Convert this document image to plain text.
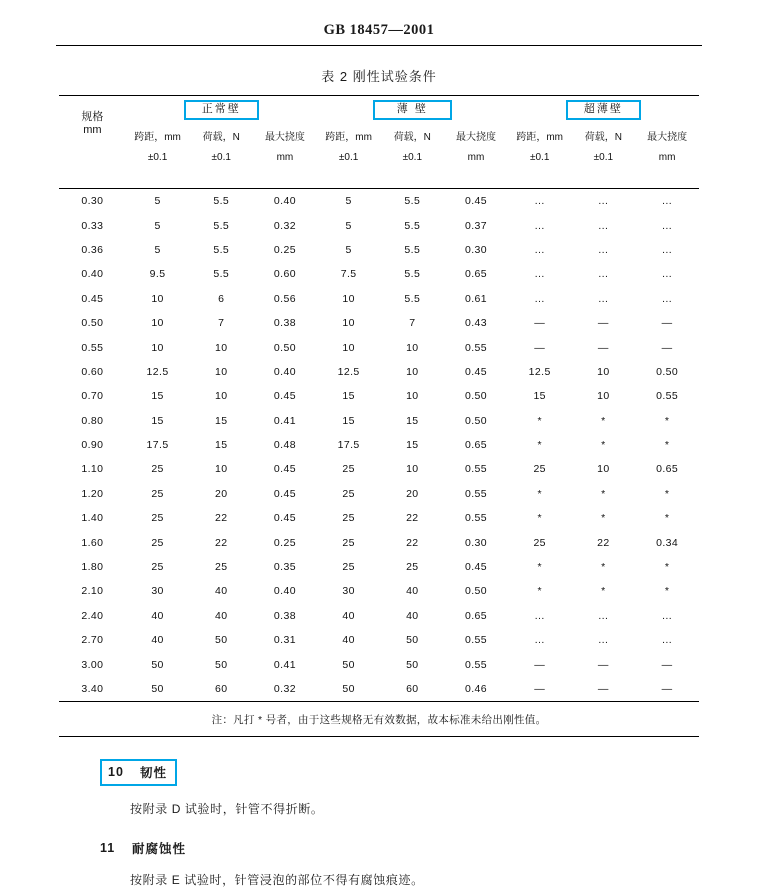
GB 18457—2001
表 2 刚性试验条件
规格
mm	正常壁			薄 壁			超薄壁		
	跨距，mm	荷载，N	最大挠度	跨距，mm	荷载，N	最大挠度	跨距，mm	荷载，N	最大挠度
	±0.1	±0.1	mm	±0.1	±0.1	mm	±0.1	±0.1	mm

0.30	5	5.5	0.40	5	5.5	0.45	…	…	…
0.33	5	5.5	0.32	5	5.5	0.37	…	…	…
0.36	5	5.5	0.25	5	5.5	0.30	…	…	…
0.40	9.5	5.5	0.60	7.5	5.5	0.65	…	…	…
0.45	10	6	0.56	10	5.5	0.61	…	…	…
0.50	10	7	0.38	10	7	0.43	—	—	—
0.55	10	10	0.50	10	10	0.55	—	—	—
0.60	12.5	10	0.40	12.5	10	0.45	12.5	10	0.50
0.70	15	10	0.45	15	10	0.50	15	10	0.55
0.80	15	15	0.41	15	15	0.50	*	*	*
0.90	17.5	15	0.48	17.5	15	0.65	*	*	*
1.10	25	10	0.45	25	10	0.55	25	10	0.65
1.20	25	20	0.45	25	20	0.55	*	*	*
1.40	25	22	0.45	25	22	0.55	*	*	*
1.60	25	22	0.25	25	22	0.30	25	22	0.34
1.80	25	25	0.35	25	25	0.45	*	*	*
2.10	30	40	0.40	30	40	0.50	*	*	*
2.40	40	40	0.38	40	40	0.65	…	…	…
2.70	40	50	0.31	40	50	0.55	…	…	…
3.00	50	50	0.41	50	50	0.55	—	—	—
3.40	50	60	0.32	50	60	0.46	—	—	—
注：凡打 * 号者，由于这些规格无有效数据，故本标准未给出刚性值。									
10	韧性
按附录 D 试验时，针管不得折断。
11	耐腐蚀性
按附录 E 试验时，针管浸泡的部位不得有腐蚀痕迹。
